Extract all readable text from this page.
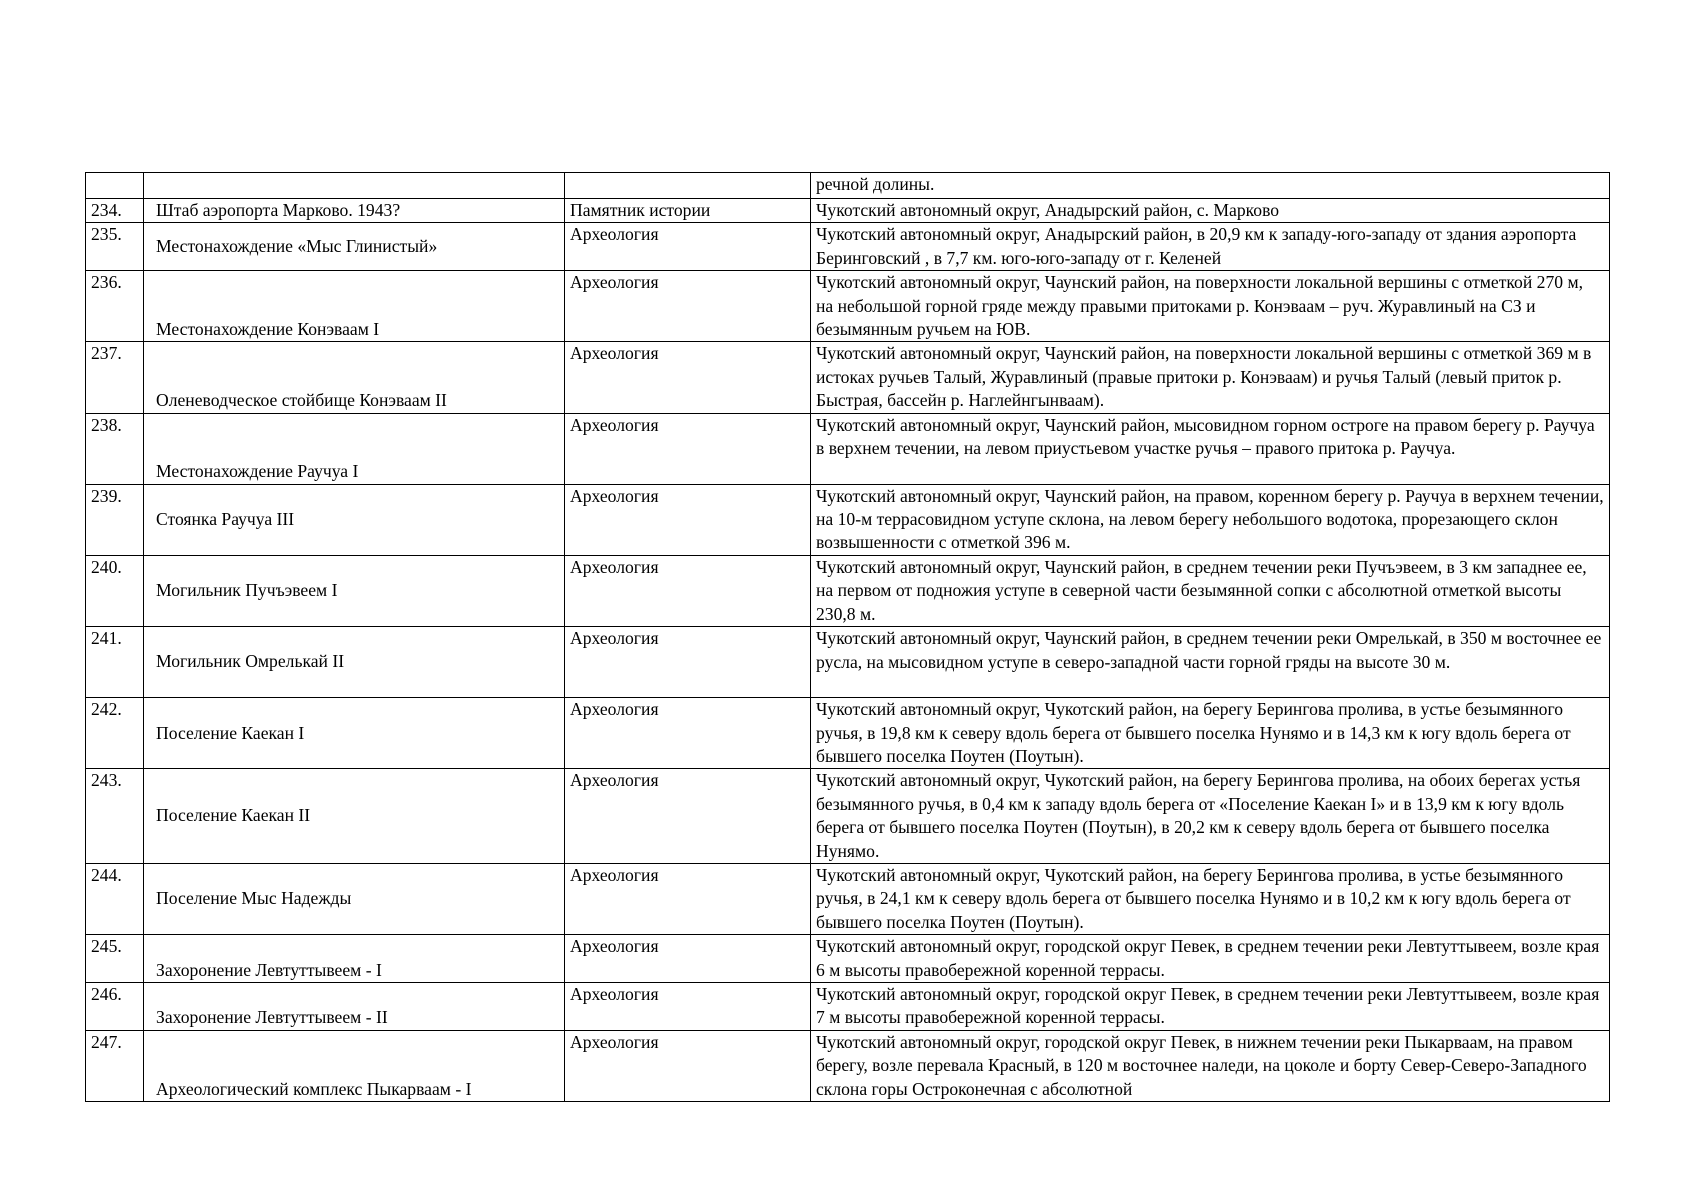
			речной долины.
234.	Штаб аэропорта Марково. 1943?	Памятник истории	Чукотский автономный округ, Анадырский район, с. Марково
235.	Местонахождение «Мыс Глинистый»	Археология	Чукотский автономный округ, Анадырский район, в 20,9 км к западу-юго-западу от здания аэропорта Беринговский , в 7,7 км. юго-юго-западу от г. Келеней
236.	Местонахождение Конэваам I	Археология	Чукотский автономный округ, Чаунский район, на поверхности локальной вершины с отметкой 270 м, на небольшой горной гряде между правыми притоками р. Конэваам – руч. Журавлиный на СЗ и безымянным ручьем на ЮВ.
237.	Оленеводческое стойбище Конэваам II	Археология	Чукотский автономный округ, Чаунский район, на поверхности локальной вершины с отметкой 369 м в истоках ручьев Талый, Журавлиный (правые притоки р. Конэваам) и ручья Талый (левый приток р. Быстрая, бассейн р. Наглейнгынваам).
238.	Местонахождение Раучуа I	Археология	Чукотский автономный округ, Чаунский район, мысовидном горном остроге на правом берегу р. Раучуа в верхнем течении, на левом приустьевом участке ручья – правого притока р. Раучуа.
239.	Стоянка Раучуа III	Археология	Чукотский автономный округ, Чаунский район, на правом, коренном берегу р. Раучуа в верхнем течении, на 10-м террасовидном уступе склона, на левом берегу небольшого водотока, прорезающего склон возвышенности с отметкой 396 м.
240.	Могильник Пучъэвеем I	Археология	Чукотский автономный округ, Чаунский район, в среднем течении реки Пучъэвеем, в 3 км западнее ее, на первом от подножия уступе в северной части безымянной сопки с абсолютной отметкой высоты 230,8 м.
241.	Могильник Омрелькай II	Археология	Чукотский автономный округ, Чаунский район, в среднем течении реки Омрелькай, в 350 м восточнее ее русла, на мысовидном уступе в северо-западной части горной гряды на высоте 30 м.
242.	Поселение Каекан I	Археология	Чукотский автономный округ, Чукотский район, на берегу Берингова пролива, в устье безымянного ручья, в 19,8 км к северу вдоль берега от бывшего поселка Нунямо и в 14,3 км к югу вдоль берега от бывшего поселка Поутен (Поутын).
243.	Поселение Каекан II	Археология	Чукотский автономный округ, Чукотский район, на берегу Берингова пролива, на обоих берегах устья безымянного ручья, в 0,4 км к западу вдоль берега от «Поселение Каекан I» и в 13,9 км к югу вдоль берега от бывшего поселка Поутен (Поутын), в 20,2 км к северу вдоль берега от бывшего поселка Нунямо.
244.	Поселение Мыс Надежды	Археология	Чукотский автономный округ, Чукотский район, на берегу Берингова пролива, в устье безымянного ручья, в 24,1 км к северу вдоль берега от бывшего поселка Нунямо и в 10,2 км к югу вдоль берега от бывшего поселка Поутен (Поутын).
245.	Захоронение Левтуттывеем - I	Археология	Чукотский автономный округ, городской округ Певек, в среднем течении реки Левтуттывеем, возле края 6 м высоты правобережной коренной террасы.
246.	Захоронение Левтуттывеем - II	Археология	Чукотский автономный округ, городской округ Певек, в среднем течении реки Левтуттывеем, возле края 7 м высоты правобережной коренной террасы.
247.	Археологический комплекс Пыкарваам - I	Археология	Чукотский автономный округ, городской округ Певек, в нижнем течении реки Пыкарваам, на правом берегу, возле перевала Красный, в 120 м восточнее наледи, на цоколе и борту Север-Северо-Западного склона горы Остроконечная с абсолютной
